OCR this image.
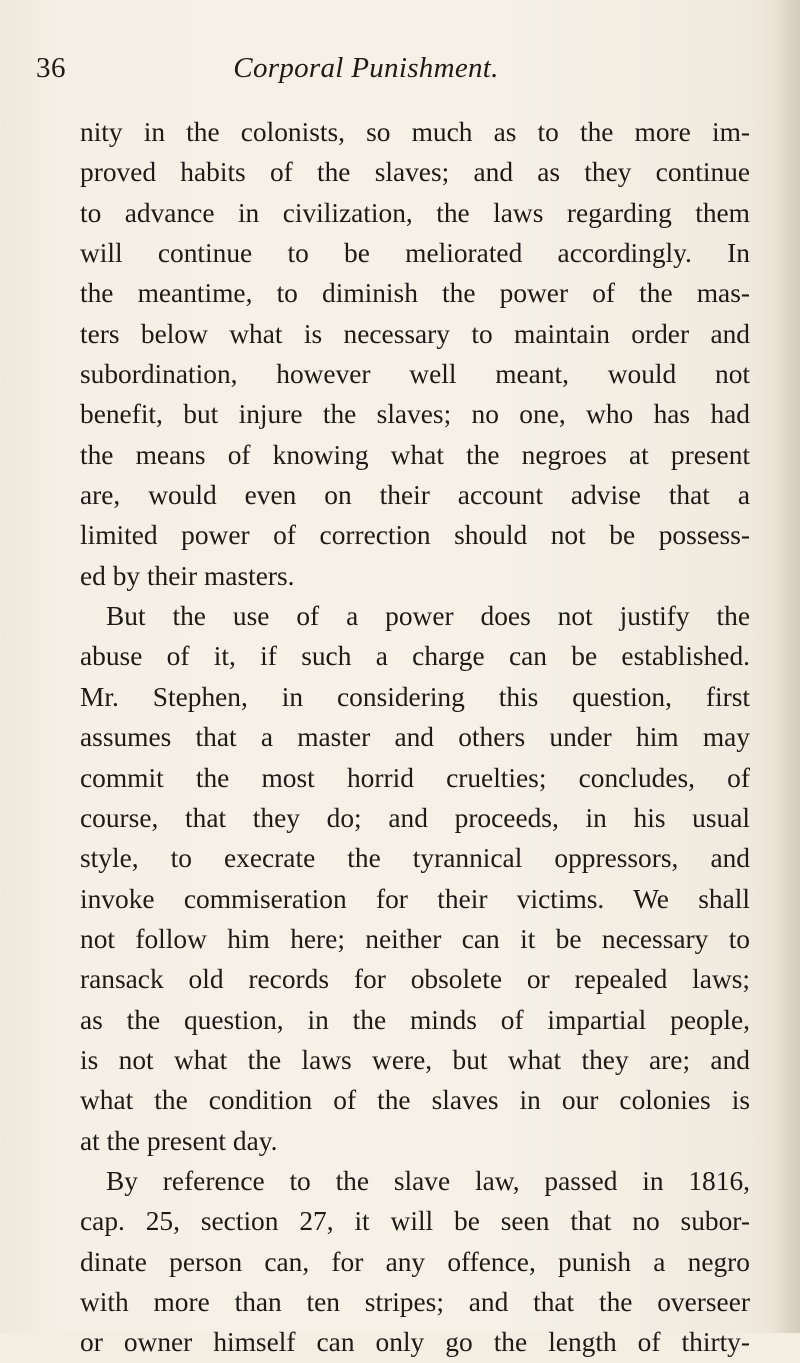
36	Corporal Punishment.
nity in the colonists, so much as to the more im-
proved habits of the slaves; and as they continue
to advance in civilization, the laws regarding them
will continue to be meliorated accordingly. In
the meantime, to diminish the power of the mas-
ters below what is necessary to maintain order and
subordination, however well meant, would not
benefit, but injure the slaves; no one, who has had
the means of knowing what the negroes at present
are, would even on their account advise that a
limited power of correction should not be possess-
ed by their masters.
But the use of a power does not justify the
abuse of it, if such a charge can be established.
Mr. Stephen, in considering this question, first
assumes that a master and others under him may
commit the most horrid cruelties; concludes, of
course, that they do; and proceeds, in his usual
style, to execrate the tyrannical oppressors, and
invoke commiseration for their victims. We shall
not follow him here; neither can it be necessary to
ransack old records for obsolete or repealed laws;
as the question, in the minds of impartial people,
is not what the laws were, but what they are; and
what the condition of the slaves in our colonies is
at the present day.
By reference to the slave law, passed in 1816,
cap. 25, section 27, it will be seen that no subor-
dinate person can, for any offence, punish a negro
with more than ten stripes; and that the overseer
or owner himself can only go the length of thirty-
